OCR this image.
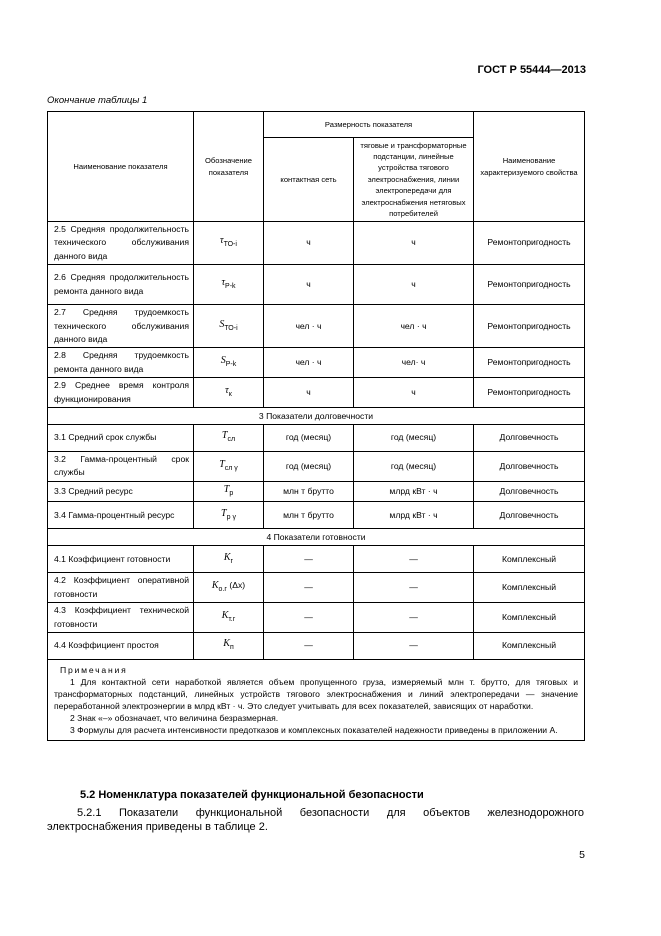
ГОСТ Р 55444—2013
Окончание таблицы 1
Наименование показателя	Обозначение показателя	Размерность показателя		Наименование характеризуемого свойства
		контактная сеть	тяговые и трансформаторные подстанции, линейные устройства тягового электроснабжения, линии электропередачи для электроснабжения нетяговых потребителей	
2.5 Средняя продолжительность технического обслуживания данного вида	$\tau_{ТО-i}$	ч	ч	Ремонтопригодность
2.6 Средняя продолжительность ремонта данного вида	$\tau_{Р-k}$	ч	ч	Ремонтопригодность
2.7 Средняя трудоемкость технического обслуживания данного вида	$S_{ТО-i}$	чел · ч	чел · ч	Ремонтопригодность
2.8 Средняя трудоемкость ремонта данного вида	$S_{Р-k}$	чел · ч	чел· ч	Ремонтопригодность
2.9 Среднее время контроля функционирования	$\tau_к$	ч	ч	Ремонтопригодность
3 Показатели долговечности				
3.1 Средний срок службы	$T_{сл}$	год (месяц)	год (месяц)	Долговечность
3.2 Гамма-процентный срок службы	$T_{сл \gamma}$	год (месяц)	год (месяц)	Долговечность
3.3 Средний ресурс	$T_р$	млн т брутто	млрд кВт · ч	Долговечность
3.4 Гамма-процентный ресурс	$T_{р \gamma}$	млн т брутто	млрд кВт · ч	Долговечность
4 Показатели готовности				
4.1 Коэффициент готовности	$K_г$	—	—	Комплексный
4.2 Коэффициент оперативной готовности	$K_{о.г}$ (Δx)	—	—	Комплексный
4.3 Коэффициент технической готовности	$K_{т.г}$	—	—	Комплексный
4.4 Коэффициент простоя	$K_п$	—	—	Комплексный

Примечания

1 Для контактной сети наработкой является объем пропущенного груза, измеряемый млн т. брутто, для тяговых и трансформаторных подстанций, линейных устройств тягового электроснабжения и линий электропередачи — значение переработанной электроэнергии в млрд кВт · ч. Это следует учитывать для всех показателей, зависящих от наработки.

2 Знак «–» обозначает, что величина безразмерная.

3 Формулы для расчета интенсивности предотказов и комплексных показателей надежности приведены в приложении А.				

5.2 Номенклатура показателей функциональной безопасности
5.2.1 Показатели функциональной безопасности для объектов железнодорожного электроснабжения приведены в таблице 2.
5
